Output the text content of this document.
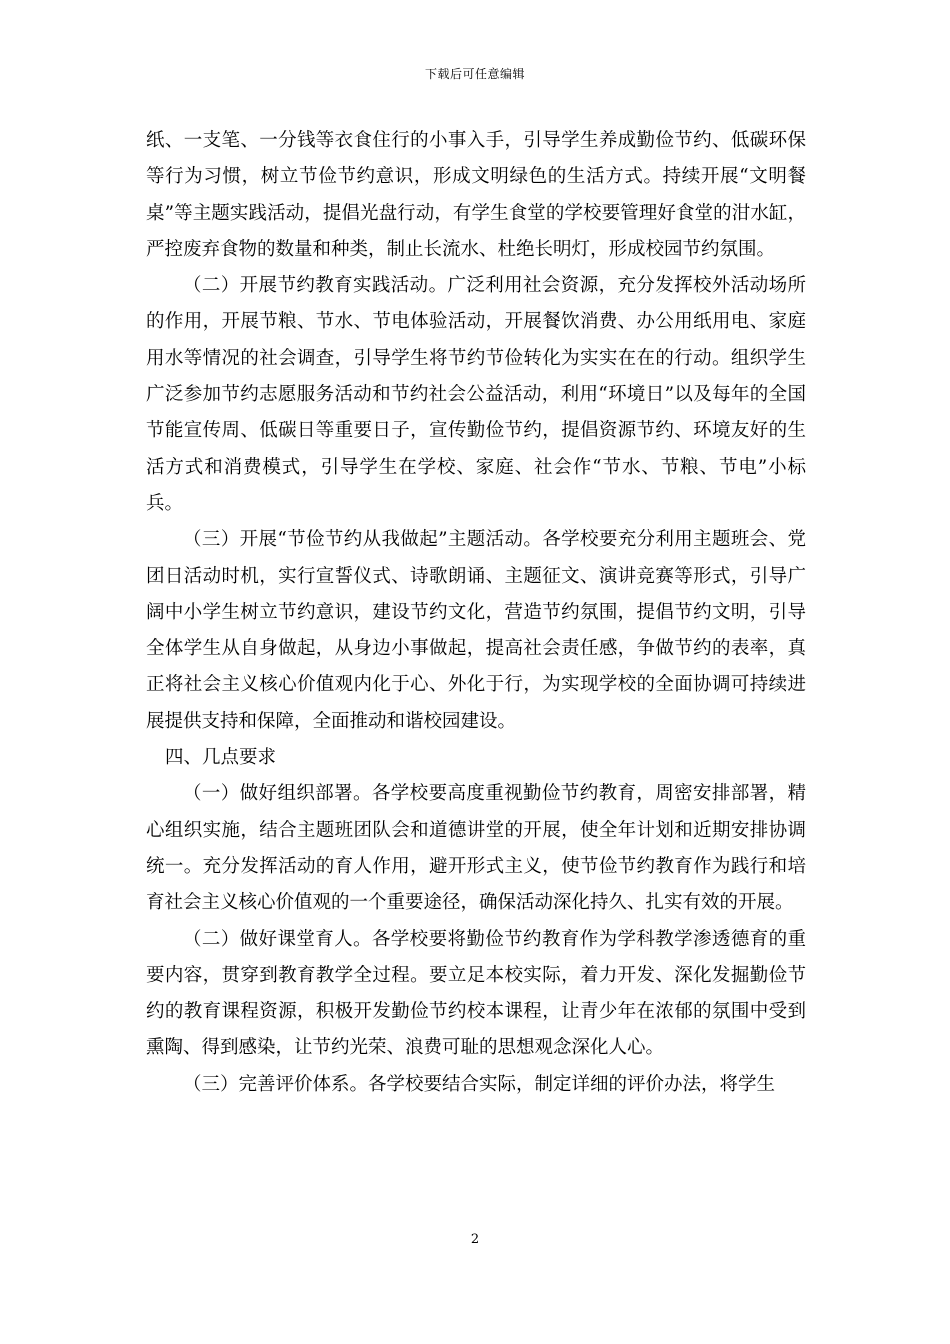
下载后可任意编辑

纸、一支笔、一分钱等衣食住行的小事入手，引导学生养成勤俭节约、低碳环保等行为习惯，树立节俭节约意识，形成文明绿色的生活方式。持续开展“文明餐桌”等主题实践活动，提倡光盘行动，有学生食堂的学校要管理好食堂的泔水缸，严控废弃食物的数量和种类，制止长流水、杜绝长明灯，形成校园节约氛围。

（二）开展节约教育实践活动。广泛利用社会资源，充分发挥校外活动场所的作用，开展节粮、节水、节电体验活动，开展餐饮消费、办公用纸用电、家庭用水等情况的社会调查，引导学生将节约节俭转化为实实在在的行动。组织学生广泛参加节约志愿服务活动和节约社会公益活动，利用“环境日”以及每年的全国节能宣传周、低碳日等重要日子，宣传勤俭节约，提倡资源节约、环境友好的生活方式和消费模式，引导学生在学校、家庭、社会作“节水、节粮、节电”小标兵。

（三）开展“节俭节约从我做起”主题活动。各学校要充分利用主题班会、党团日活动时机，实行宣誓仪式、诗歌朗诵、主题征文、演讲竞赛等形式，引导广阔中小学生树立节约意识，建设节约文化，营造节约氛围，提倡节约文明，引导全体学生从自身做起，从身边小事做起，提高社会责任感，争做节约的表率，真正将社会主义核心价值观内化于心、外化于行，为实现学校的全面协调可持续进展提供支持和保障，全面推动和谐校园建设。

四、几点要求

（一）做好组织部署。各学校要高度重视勤俭节约教育，周密安排部署，精心组织实施，结合主题班团队会和道德讲堂的开展，使全年计划和近期安排协调统一。充分发挥活动的育人作用，避开形式主义，使节俭节约教育作为践行和培育社会主义核心价值观的一个重要途径，确保活动深化持久、扎实有效的开展。

（二）做好课堂育人。各学校要将勤俭节约教育作为学科教学渗透德育的重要内容，贯穿到教育教学全过程。要立足本校实际，着力开发、深化发掘勤俭节约的教育课程资源，积极开发勤俭节约校本课程，让青少年在浓郁的氛围中受到熏陶、得到感染，让节约光荣、浪费可耻的思想观念深化人心。

（三）完善评价体系。各学校要结合实际，制定详细的评价办法，将学生

2
